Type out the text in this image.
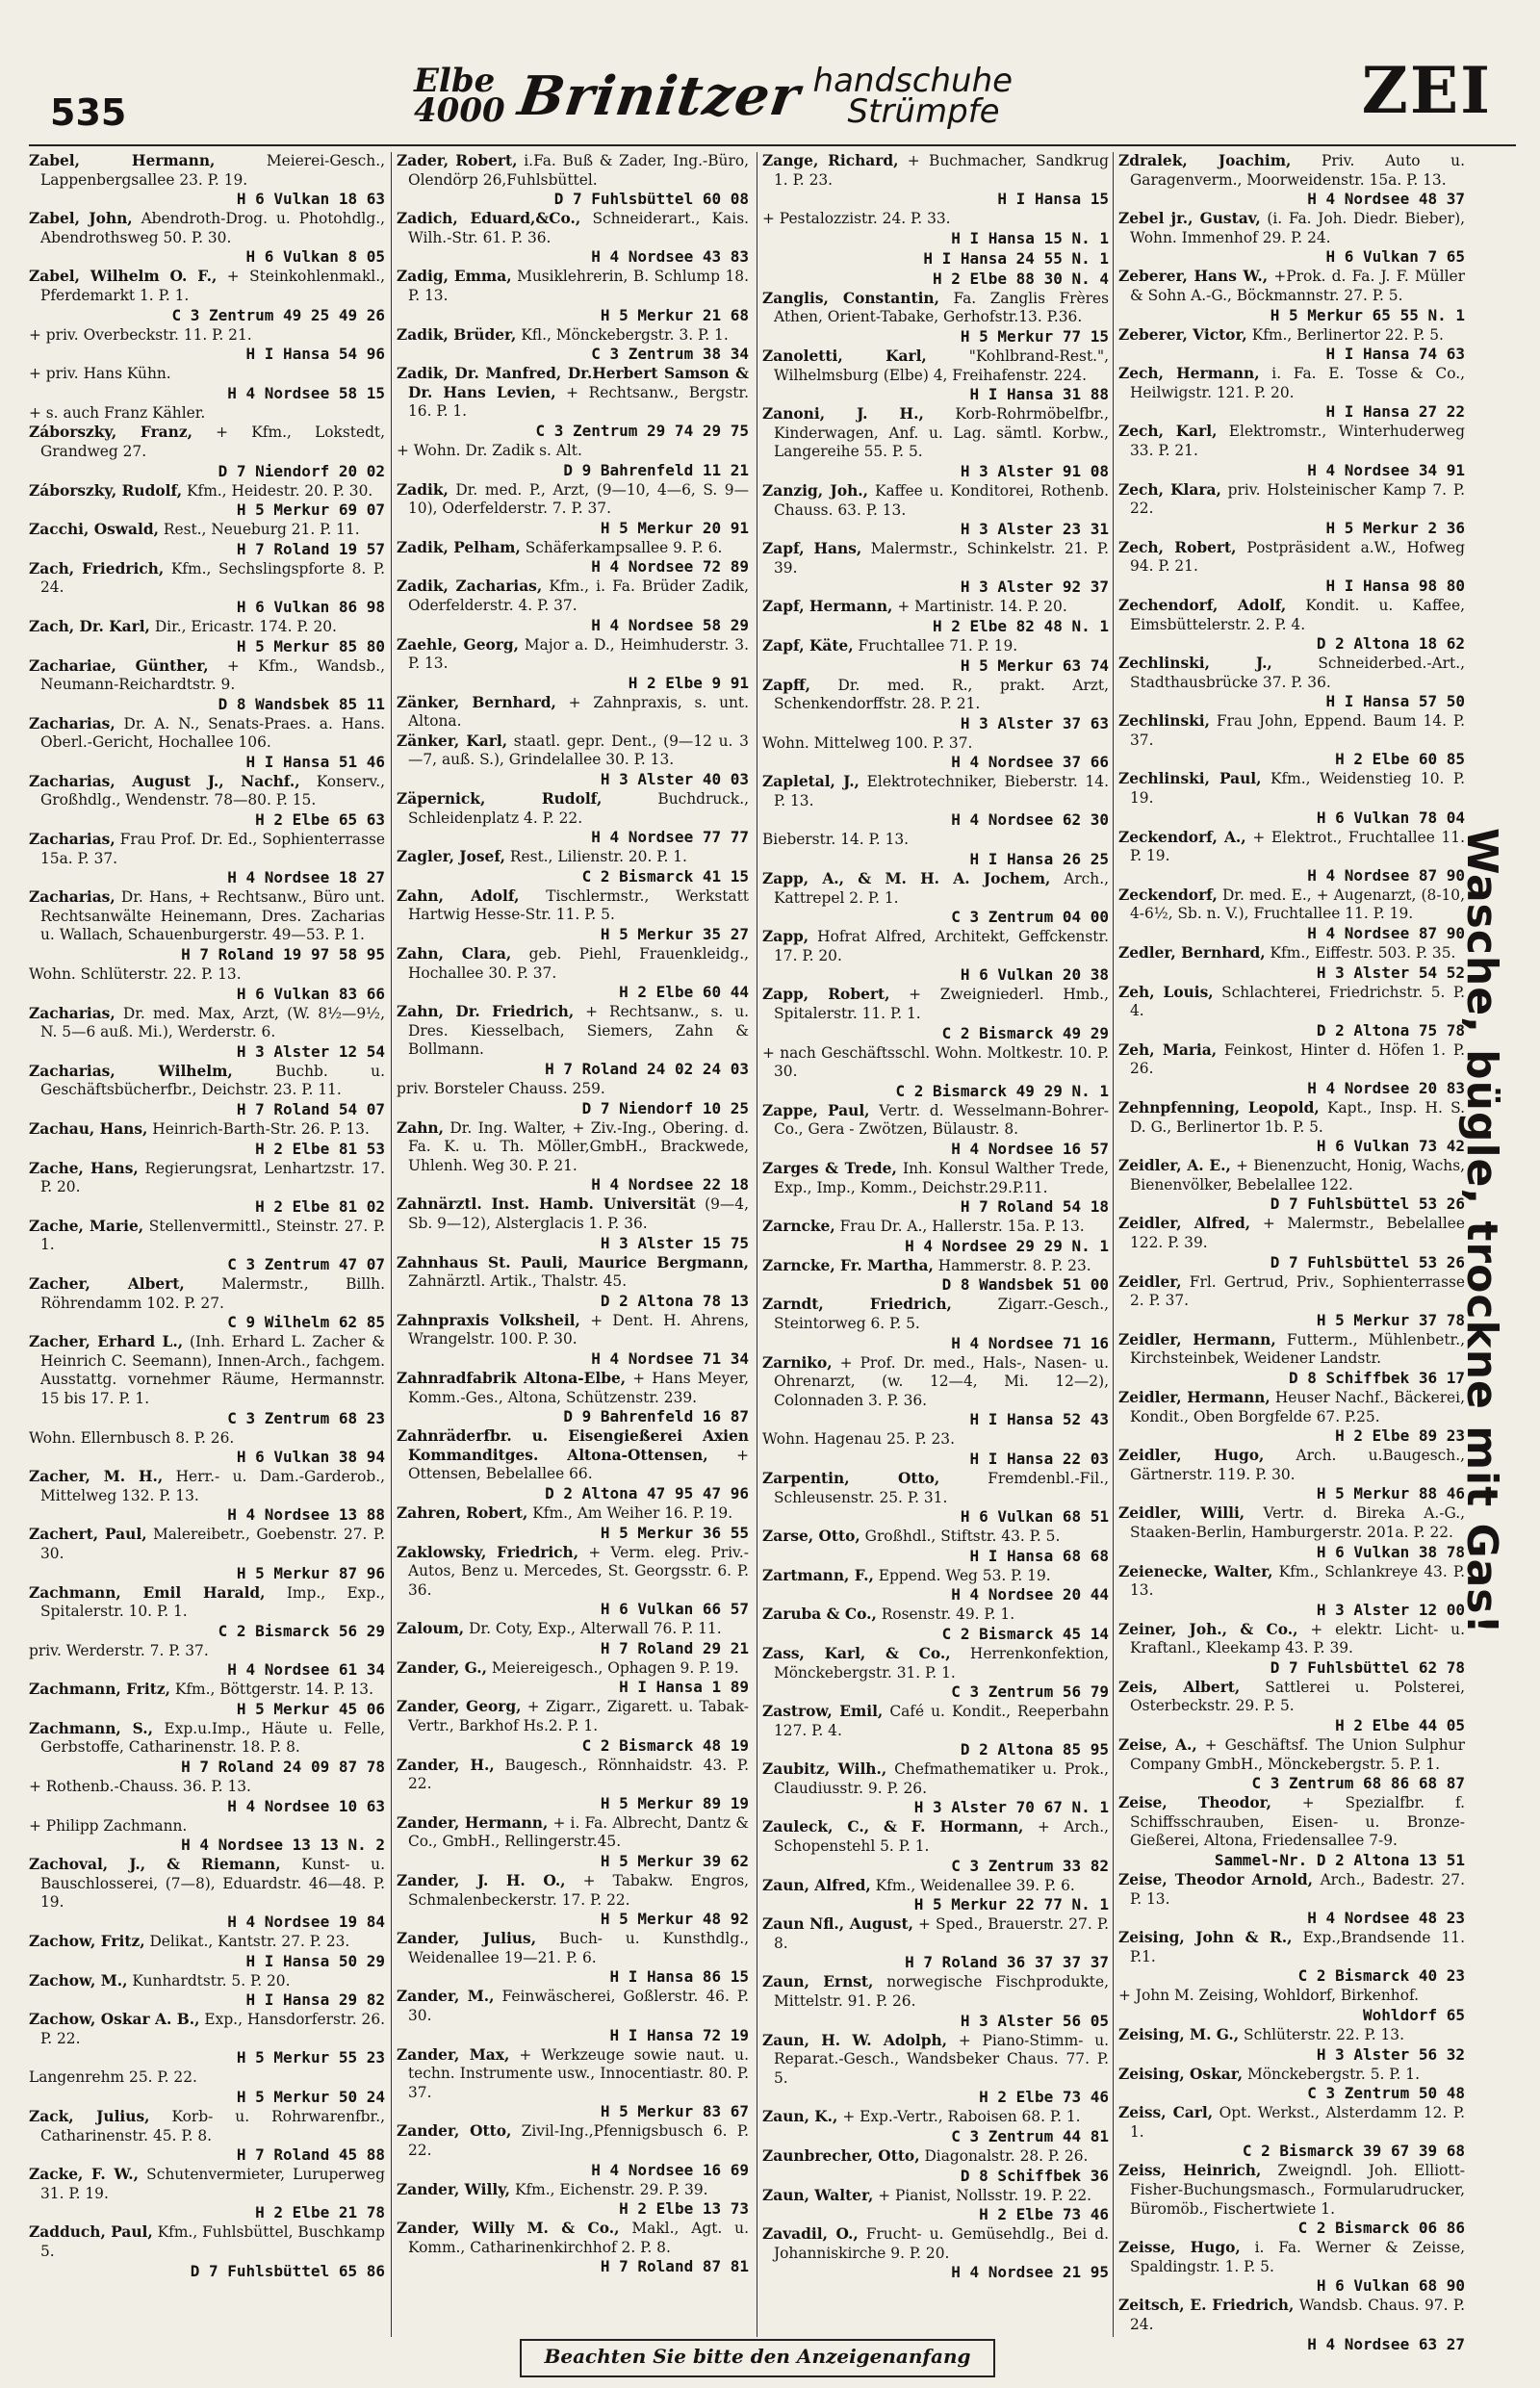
535
Elbe
4000 Brinitzer handschuhe
Strümpfe	ZEI
Zabel, Hermann,	Meierei-Gesch., Lappenbergsallee 23. P. 19.
H 6 Vulkan 18 63
Zabel, John, Abendroth-Drog. u. Photohdlg., Abendrothsweg 50. P. 30.
H 6 Vulkan 8 05
Zabel, Wilhelm O. F., + Steinkohlenmakl., Pferdemarkt 1. P. 1.
C 3 Zentrum 49 25 49 26
+ priv. Overbeckstr. 11. P. 21.
H I Hansa 54 96
+ priv. Hans Kühn.
H 4 Nordsee 58 15
+ s. auch Franz Kähler.
Záborszky, Franz, + Kfm., Lokstedt, Grandweg 27.
D 7 Niendorf 20 02
Záborszky, Rudolf, Kfm., Heidestr. 20. P. 30.
H 5 Merkur 69 07
Zacchi, Oswald, Rest., Neueburg 21. P. 11.
H 7 Roland 19 57
Zach, Friedrich, Kfm., Sechslingspforte 8. P. 24.
H 6 Vulkan 86 98
Zach, Dr. Karl, Dir., Ericastr. 174. P. 20.
H 5 Merkur 85 80
Zachariae, Günther, + Kfm., Wandsb., Neumann-Reichardtstr. 9.
D 8 Wandsbek 85 11
Zacharias, Dr. A. N., Senats-Praes. a. Hans. Oberl.-Gericht, Hochallee 106.
H I Hansa 51 46
Zacharias, August J., Nachf., Konserv., Großhdlg., Wendenstr. 78—80. P. 15.
H 2 Elbe 65 63
Zacharias, Frau Prof. Dr. Ed., Sophienterrasse 15a. P. 37.
H 4 Nordsee 18 27
Zacharias, Dr. Hans, + Rechtsanw., Büro unt. Rechtsanwälte Heinemann, Dres. Zacharias u. Wallach, Schauenburgerstr. 49—53. P. 1.
H 7 Roland 19 97 58 95
Wohn. Schlüterstr. 22. P. 13.
H 6 Vulkan 83 66
Zacharias, Dr. med. Max, Arzt, (W. 8½—9½, N. 5—6 auß. Mi.), Werderstr. 6.
H 3 Alster 12 54
Zacharias, Wilhelm,	Buchb. u. Geschäftsbücherfbr., Deichstr. 23. P. 11.
H 7 Roland 54 07
Zachau, Hans, Heinrich-Barth-Str. 26. P. 13.
H 2 Elbe 81 53
Zache, Hans, Regierungsrat, Lenhartzstr. 17. P. 20.
H 2 Elbe 81 02
Zache, Marie, Stellenvermittl., Steinstr. 27. P. 1.
C 3 Zentrum 47 07
Zacher, Albert, Malermstr., Billh. Röhrendamm 102. P. 27.
C 9 Wilhelm 62 85
Zacher, Erhard L., (Inh. Erhard L. Zacher & Heinrich C. Seemann), Innen-Arch., fachgem. Ausstattg. vornehmer Räume, Hermannstr. 15 bis 17. P. 1.
C 3 Zentrum 68 23
Wohn. Ellernbusch 8. P. 26.
H 6 Vulkan 38 94
Zacher, M. H., Herr.- u. Dam.-Garderob., Mittelweg 132. P. 13.
H 4 Nordsee 13 88
Zachert, Paul, Malereibetr., Goebenstr. 27. P. 30.
H 5 Merkur 87 96
Zachmann, Emil Harald, Imp., Exp., Spitalerstr. 10. P. 1.
C 2 Bismarck 56 29
priv. Werderstr. 7. P. 37.
H 4 Nordsee 61 34
Zachmann, Fritz, Kfm., Böttgerstr. 14. P. 13.
H 5 Merkur 45 06
Zachmann, S., Exp.u.Imp., Häute u. Felle, Gerbstoffe, Catharinenstr. 18. P. 8.
H 7 Roland 24 09 87 78
+ Rothenb.-Chauss. 36. P. 13.
H 4 Nordsee 10 63
+ Philipp Zachmann.
H 4 Nordsee 13 13 N. 2
Zachoval, J., & Riemann, Kunst- u. Bauschlosserei, (7—8), Eduardstr. 46—48. P. 19.
H 4 Nordsee 19 84
Zachow, Fritz, Delikat., Kantstr. 27. P. 23.
H I Hansa 50 29
Zachow, M., Kunhardtstr. 5. P. 20.
H I Hansa 29 82
Zachow, Oskar A. B., Exp., Hansdorferstr. 26. P. 22.
H 5 Merkur 55 23
Langenrehm 25. P. 22.
H 5 Merkur 50 24
Zack, Julius, Korb- u. Rohrwarenfbr., Catharinenstr. 45. P. 8.
H 7 Roland 45 88
Zacke, F. W., Schutenvermieter, Luruperweg 31. P. 19.
H 2 Elbe 21 78
Zadduch, Paul, Kfm., Fuhlsbüttel, Buschkamp 5.
D 7 Fuhlsbüttel 65 86
Zader, Robert, i.Fa. Buß & Zader, Ing.-Büro, Olendörp 26,Fuhlsbüttel.
D 7 Fuhlsbüttel 60 08
Zadich, Eduard,&Co., Schneiderart., Kais. Wilh.-Str. 61. P. 36.
H 4 Nordsee 43 83
Zadig, Emma, Musiklehrerin, B. Schlump 18. P. 13.
H 5 Merkur 21 68
Zadik, Brüder, Kfl., Mönckebergstr. 3. P. 1.
C 3 Zentrum 38 34
Zadik, Dr. Manfred, Dr.Herbert Samson & Dr. Hans Levien, + Rechtsanw., Bergstr. 16. P. 1.
C 3 Zentrum 29 74 29 75
+ Wohn. Dr. Zadik s. Alt.
D 9 Bahrenfeld 11 21
Zadik, Dr. med. P., Arzt, (9—10, 4—6, S. 9—10), Oderfelderstr. 7. P. 37.
H 5 Merkur 20 91
Zadik, Pelham, Schäferkampsallee 9. P. 6.
H 4 Nordsee 72 89
Zadik, Zacharias, Kfm., i. Fa. Brüder Zadik, Oderfelderstr. 4. P. 37.
H 4 Nordsee 58 29
Zaehle, Georg, Major a. D., Heimhuderstr. 3. P. 13.
H 2 Elbe 9 91
Zänker, Bernhard, + Zahnpraxis, s. unt. Altona.
Zänker, Karl, staatl. gepr. Dent., (9—12 u. 3—7, auß. S.), Grindelallee 30. P. 13.
H 3 Alster 40 03
Zäpernick, Rudolf,	Buchdruck., Schleidenplatz 4. P. 22.
H 4 Nordsee 77 77
Zagler, Josef, Rest., Lilienstr. 20. P. 1.
C 2 Bismarck 41 15
Zahn, Adolf, Tischlermstr., Werkstatt Hartwig Hesse-Str. 11. P. 5.
H 5 Merkur 35 27
Zahn, Clara, geb. Piehl, Frauenkleidg., Hochallee 30. P. 37.
H 2 Elbe 60 44
Zahn, Dr. Friedrich, + Rechtsanw., s. u. Dres. Kiesselbach, Siemers, Zahn & Bollmann.
H 7 Roland 24 02 24 03
priv. Borsteler Chauss. 259.
D 7 Niendorf 10 25
Zahn, Dr. Ing. Walter, + Ziv.-Ing., Obering. d. Fa. K. u. Th. Möller,GmbH., Brackwede, Uhlenh. Weg 30. P. 21.
H 4 Nordsee 22 18
Zahnärztl. Inst. Hamb. Universität (9—4, Sb. 9—12), Alsterglacis 1. P. 36.
H 3 Alster 15 75
Zahnhaus St. Pauli, Maurice Bergmann, Zahnärztl. Artik., Thalstr. 45.
D 2 Altona 78 13
Zahnpraxis Volksheil, + Dent. H. Ahrens, Wrangelstr. 100. P. 30.
H 4 Nordsee 71 34
Zahnradfabrik Altona-Elbe, + Hans Meyer, Komm.-Ges., Altona, Schützenstr. 239.
D 9 Bahrenfeld 16 87
Zahnräderfbr. u. Eisengießerei Axien Kommanditges. Altona-Ottensen, + Ottensen, Bebelallee 66.
D 2 Altona 47 95 47 96
Zahren, Robert, Kfm., Am Weiher 16. P. 19.
H 5 Merkur 36 55
Zaklowsky, Friedrich, + Verm. eleg. Priv.-Autos, Benz u. Mercedes, St. Georgsstr. 6. P. 36.
H 6 Vulkan 66 57
Zaloum, Dr. Coty, Exp., Alterwall 76. P. 11.
H 7 Roland 29 21
Zander, G., Meiereigesch., Ophagen 9. P. 19.
H I Hansa 1 89
Zander, Georg, + Zigarr., Zigarett. u. Tabak-Vertr., Barkhof Hs.2. P. 1.
C 2 Bismarck 48 19
Zander, H., Baugesch., Rönnhaidstr. 43. P. 22.
H 5 Merkur 89 19
Zander, Hermann, + i. Fa. Albrecht, Dantz & Co., GmbH., Rellingerstr.45.
H 5 Merkur 39 62
Zander, J. H. O., + Tabakw. Engros, Schmalenbeckerstr. 17. P. 22.
H 5 Merkur 48 92
Zander, Julius, Buch- u. Kunsthdlg., Weidenallee 19—21. P. 6.
H I Hansa 86 15
Zander, M., Feinwäscherei, Goßlerstr. 46. P. 30.
H I Hansa 72 19
Zander, Max, + Werkzeuge sowie naut. u. techn. Instrumente usw., Innocentiastr. 80. P. 37.
H 5 Merkur 83 67
Zander, Otto, Zivil-Ing.,Pfennigsbusch 6. P. 22.
H 4 Nordsee 16 69
Zander, Willy, Kfm., Eichenstr. 29. P. 39.
H 2 Elbe 13 73
Zander, Willy M. & Co., Makl., Agt. u. Komm., Catharinenkirchhof 2. P. 8.
H 7 Roland 87 81
Zange, Richard, + Buchmacher, Sandkrug 1. P. 23.
H I Hansa 15
+ Pestalozzistr. 24. P. 33.
H I Hansa 15 N. 1
H I Hansa 24 55 N. 1
H 2 Elbe 88 30 N. 4
Zanglis, Constantin, Fa. Zanglis Frères Athen, Orient-Tabake, Gerhofstr.13. P.36.
H 5 Merkur 77 15
Zanoletti, Karl,	"Kohlbrand-Rest.", Wilhelmsburg (Elbe) 4, Freihafenstr. 224.
H I Hansa 31 88
Zanoni, J. H., Korb-Rohrmöbelfbr., Kinderwagen, Anf. u. Lag. sämtl. Korbw., Langereihe 55. P. 5.
H 3 Alster 91 08
Zanzig, Joh., Kaffee u. Konditorei, Rothenb. Chauss. 63. P. 13.
H 3 Alster 23 31
Zapf, Hans, Malermstr., Schinkelstr. 21. P. 39.
H 3 Alster 92 37
Zapf, Hermann, + Martinistr. 14. P. 20.
H 2 Elbe 82 48 N. 1
Zapf, Käte, Fruchtallee 71. P. 19.
H 5 Merkur 63 74
Zapff, Dr. med. R., prakt. Arzt, Schenkendorffstr. 28. P. 21.
H 3 Alster 37 63
Wohn. Mittelweg 100. P. 37.
H 4 Nordsee 37 66
Zapletal, J., Elektrotechniker, Bieberstr. 14. P. 13.
H 4 Nordsee 62 30
Bieberstr. 14. P. 13.
H I Hansa 26 25
Zapp, A., & M. H. A. Jochem, Arch., Kattrepel 2. P. 1.
C 3 Zentrum 04 00
Zapp, Hofrat Alfred, Architekt, Geffckenstr. 17. P. 20.
H 6 Vulkan 20 38
Zapp, Robert, + Zweigniederl. Hmb., Spitalerstr. 11. P. 1.
C 2 Bismarck 49 29
+ nach Geschäftsschl. Wohn. Moltkestr. 10. P. 30.
C 2 Bismarck 49 29 N. 1
Zappe, Paul, Vertr. d. Wesselmann-Bohrer-Co., Gera - Zwötzen, Bülaustr. 8.
H 4 Nordsee 16 57
Zarges & Trede, Inh. Konsul Walther Trede, Exp., Imp., Komm., Deichstr.29.P.11.
H 7 Roland 54 18
Zarncke, Frau Dr. A., Hallerstr. 15a. P. 13.
H 4 Nordsee 29 29 N. 1
Zarncke, Fr. Martha, Hammerstr. 8. P. 23.
D 8 Wandsbek 51 00
Zarndt, Friedrich,	Zigarr.-Gesch., Steintorweg 6. P. 5.
H 4 Nordsee 71 16
Zarniko, + Prof. Dr. med., Hals-, Nasen- u. Ohrenarzt, (w. 12—4, Mi. 12—2), Colonnaden 3. P. 36.
H I Hansa 52 43
Wohn. Hagenau 25. P. 23.
H I Hansa 22 03
Zarpentin, Otto,	Fremdenbl.-Fil., Schleusenstr. 25. P. 31.
H 6 Vulkan 68 51
Zarse, Otto, Großhdl., Stiftstr. 43. P. 5.
H I Hansa 68 68
Zartmann, F., Eppend. Weg 53. P. 19.
H 4 Nordsee 20 44
Zaruba & Co., Rosenstr. 49. P. 1.
C 2 Bismarck 45 14
Zass, Karl, & Co., Herrenkonfektion, Mönckebergstr. 31. P. 1.
C 3 Zentrum 56 79
Zastrow, Emil, Café u. Kondit., Reeperbahn 127. P. 4.
D 2 Altona 85 95
Zaubitz, Wilh., Chefmathematiker u. Prok., Claudiusstr. 9. P. 26.
H 3 Alster 70 67 N. 1
Zauleck, C., & F. Hormann, + Arch., Schopenstehl 5. P. 1.
C 3 Zentrum 33 82
Zaun, Alfred, Kfm., Weidenallee 39. P. 6.
H 5 Merkur 22 77 N. 1
Zaun Nfl., August, + Sped., Brauerstr. 27. P. 8.
H 7 Roland 36 37 37 37
Zaun, Ernst, norwegische Fischprodukte, Mittelstr. 91. P. 26.
H 3 Alster 56 05
Zaun, H. W. Adolph, + Piano-Stimm- u. Reparat.-Gesch., Wandsbeker Chaus. 77. P. 5.
H 2 Elbe 73 46
Zaun, K., + Exp.-Vertr., Raboisen 68. P. 1.
C 3 Zentrum 44 81
Zaunbrecher, Otto, Diagonalstr. 28. P. 26.
D 8 Schiffbek 36
Zaun, Walter, + Pianist, Nollsstr. 19. P. 22.
H 2 Elbe 73 46
Zavadil, O., Frucht- u. Gemüsehdlg., Bei d. Johanniskirche 9. P. 20.
H 4 Nordsee 21 95
Zdralek, Joachim, Priv. Auto u. Garagenverm., Moorweidenstr. 15a. P. 13.
H 4 Nordsee 48 37
Zebel jr., Gustav, (i. Fa. Joh. Diedr. Bieber), Wohn. Immenhof 29. P. 24.
H 6 Vulkan 7 65
Zeberer, Hans W., +Prok. d. Fa. J. F. Müller & Sohn A.-G., Böckmannstr. 27. P. 5.
H 5 Merkur 65 55 N. 1
Zeberer, Victor, Kfm., Berlinertor 22. P. 5.
H I Hansa 74 63
Zech, Hermann, i. Fa. E. Tosse & Co., Heilwigstr. 121. P. 20.
H I Hansa 27 22
Zech, Karl, Elektromstr., Winterhuderweg 33. P. 21.
H 4 Nordsee 34 91
Zech, Klara, priv. Holsteinischer Kamp 7. P. 22.
H 5 Merkur 2 36
Zech, Robert, Postpräsident a.W., Hofweg 94. P. 21.
H I Hansa 98 80
Zechendorf, Adolf, Kondit. u. Kaffee, Eimsbüttelerstr. 2. P. 4.
D 2 Altona 18 62
Zechlinski, J.,	Schneiderbed.-Art., Stadthausbrücke 37. P. 36.
H I Hansa 57 50
Zechlinski, Frau John, Eppend. Baum 14. P. 37.
H 2 Elbe 60 85
Zechlinski, Paul, Kfm., Weidenstieg 10. P. 19.
H 6 Vulkan 78 04
Zeckendorf, A., + Elektrot., Fruchtallee 11. P. 19.
H 4 Nordsee 87 90
Zeckendorf, Dr. med. E., + Augenarzt, (8-10, 4-6½, Sb. n. V.), Fruchtallee 11. P. 19.
H 4 Nordsee 87 90
Zedler, Bernhard, Kfm., Eiffestr. 503. P. 35.
H 3 Alster 54 52
Zeh, Louis, Schlachterei, Friedrichstr. 5. P. 4.
D 2 Altona 75 78
Zeh, Maria, Feinkost, Hinter d. Höfen 1. P. 26.
H 4 Nordsee 20 83
Zehnpfenning, Leopold, Kapt., Insp. H. S. D. G., Berlinertor 1b. P. 5.
H 6 Vulkan 73 42
Zeidler, A. E., + Bienenzucht, Honig, Wachs, Bienenvölker, Bebelallee 122.
D 7 Fuhlsbüttel 53 26
Zeidler, Alfred, + Malermstr., Bebelallee 122. P. 39.
D 7 Fuhlsbüttel 53 26
Zeidler, Frl. Gertrud, Priv., Sophienterrasse 2. P. 37.
H 5 Merkur 37 78
Zeidler, Hermann, Futterm., Mühlenbetr., Kirchsteinbek, Weidener Landstr.
D 8 Schiffbek 36 17
Zeidler, Hermann, Heuser Nachf., Bäckerei, Kondit., Oben Borgfelde 67. P.25.
H 2 Elbe 89 23
Zeidler, Hugo, Arch. u.Baugesch., Gärtnerstr. 119. P. 30.
H 5 Merkur 88 46
Zeidler, Willi, Vertr. d. Bireka A.-G., Staaken-Berlin, Hamburgerstr. 201a. P. 22.
H 6 Vulkan 38 78
Zeienecke, Walter, Kfm., Schlankreye 43. P. 13.
H 3 Alster 12 00
Zeiner, Joh., & Co., + elektr. Licht- u. Kraftanl., Kleekamp 43. P. 39.
D 7 Fuhlsbüttel 62 78
Zeis, Albert, Sattlerei u. Polsterei, Osterbeckstr. 29. P. 5.
H 2 Elbe 44 05
Zeise, A., + Geschäftsf. The Union Sulphur Company GmbH., Mönckebergstr. 5. P. 1.
C 3 Zentrum 68 86 68 87
Zeise, Theodor, + Spezialfbr. f. Schiffsschrauben, Eisen- u. Bronze-Gießerei, Altona, Friedensallee 7-9.
Sammel-Nr. D 2 Altona 13 51
Zeise, Theodor Arnold, Arch., Badestr. 27. P. 13.
H 4 Nordsee 48 23
Zeising, John & R., Exp.,Brandsende 11. P.1.
C 2 Bismarck 40 23
+ John M. Zeising, Wohldorf, Birkenhof.
Wohldorf 65
Zeising, M. G., Schlüterstr. 22. P. 13.
H 3 Alster 56 32
Zeising, Oskar, Mönckebergstr. 5. P. 1.
C 3 Zentrum 50 48
Zeiss, Carl, Opt. Werkst., Alsterdamm 12. P. 1.
C 2 Bismarck 39 67 39 68
Zeiss, Heinrich, Zweigndl. Joh. Elliott-Fisher-Buchungsmasch., Formularudrucker, Büromöb., Fischertwiete 1.
C 2 Bismarck 06 86
Zeisse, Hugo, i. Fa. Werner & Zeisse, Spaldingstr. 1. P. 5.
H 6 Vulkan 68 90
Zeitsch, E. Friedrich, Wandsb. Chaus. 97. P. 24.
H 4 Nordsee 63 27
Wasche, bügle, trockne mit Gas!
Beachten Sie bitte den Anzeigenanfang
